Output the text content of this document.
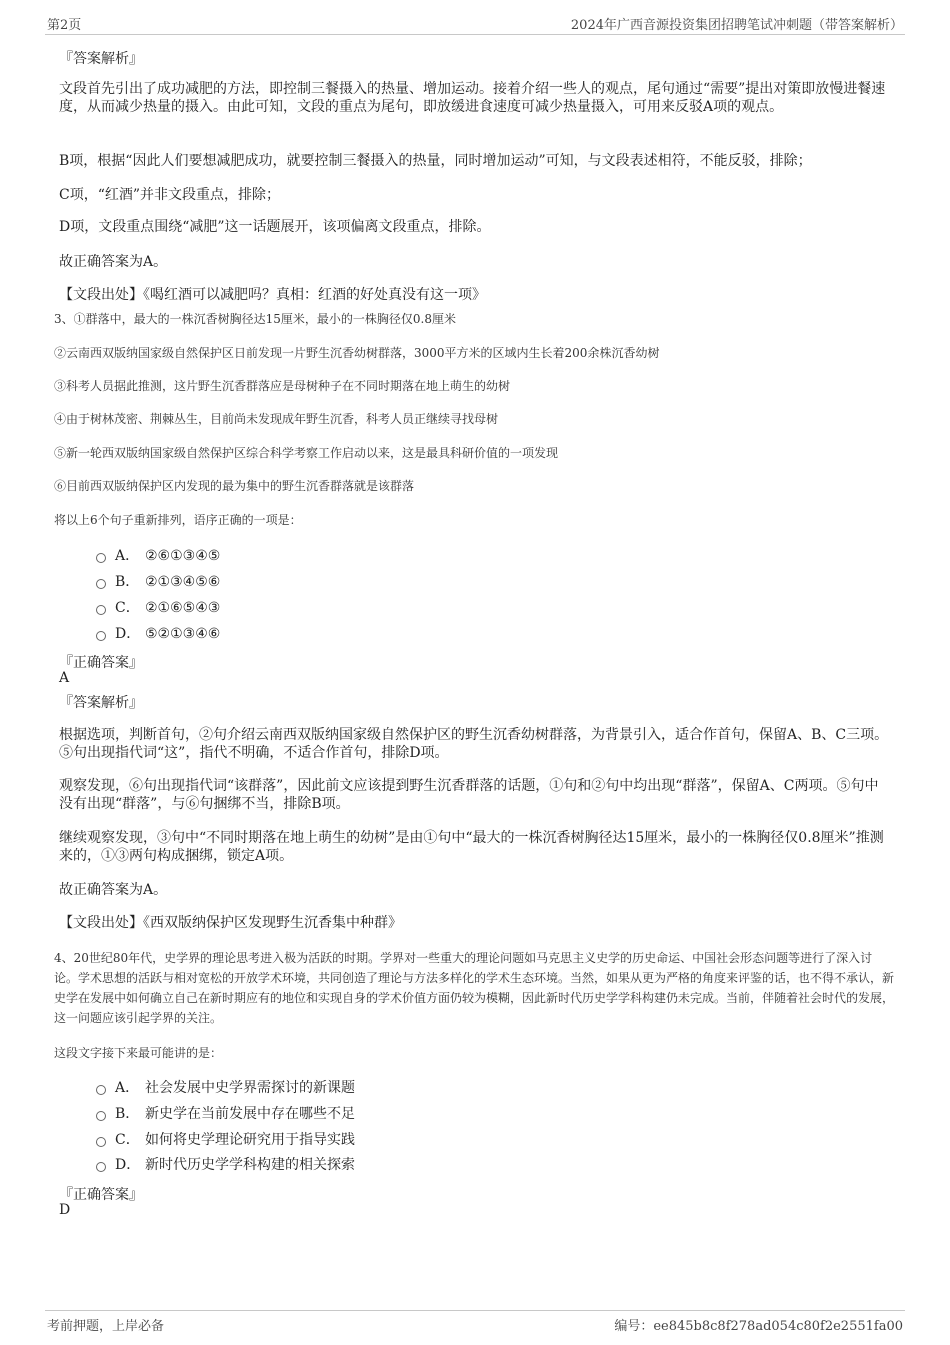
第2页	2024年广西音源投资集团招聘笔试冲刺题（带答案解析）
『答案解析』

文段首先引出了成功减肥的方法，即控制三餐摄入的热量、增加运动。接着介绍一些人的观点，尾句通过“需要”提出对策即放慢进餐速度，从而减少热量的摄入。由此可知，文段的重点为尾句，即放缓进食速度可减少热量摄入，可用来反驳A项的观点。

B项，根据“因此人们要想减肥成功，就要控制三餐摄入的热量，同时增加运动”可知，与文段表述相符，不能反驳，排除；

C项，“红酒”并非文段重点，排除；

D项，文段重点围绕“减肥”这一话题展开，该项偏离文段重点，排除。

故正确答案为A。

【文段出处】《喝红酒可以减肥吗？真相：红酒的好处真没有这一项》

3、①群落中，最大的一株沉香树胸径达15厘米，最小的一株胸径仅0.8厘米

②云南西双版纳国家级自然保护区日前发现一片野生沉香幼树群落，3000平方米的区域内生长着200余株沉香幼树

③科考人员据此推测，这片野生沉香群落应是母树种子在不同时期落在地上萌生的幼树

④由于树林茂密、荆棘丛生，目前尚未发现成年野生沉香，科考人员正继续寻找母树

⑤新一轮西双版纳国家级自然保护区综合科学考察工作启动以来，这是最具科研价值的一项发现

⑥目前西双版纳保护区内发现的最为集中的野生沉香群落就是该群落

将以上6个句子重新排列，语序正确的一项是：

A． ②⑥①③④⑤
B． ②①③④⑤⑥
C． ②①⑥⑤④③
D． ⑤②①③④⑥
『正确答案』
A
『答案解析』

根据选项，判断首句，②句介绍云南西双版纳国家级自然保护区的野生沉香幼树群落，为背景引入，适合作首句，保留A、B、C三项。⑤句出现指代词“这”，指代不明确，不适合作首句，排除D项。

观察发现，⑥句出现指代词“该群落”，因此前文应该提到野生沉香群落的话题，①句和②句中均出现“群落”，保留A、C两项。⑤句中没有出现“群落”，与⑥句捆绑不当，排除B项。

继续观察发现，③句中“不同时期落在地上萌生的幼树”是由①句中“最大的一株沉香树胸径达15厘米，最小的一株胸径仅0.8厘米”推测来的，①③两句构成捆绑，锁定A项。

故正确答案为A。

【文段出处】《西双版纳保护区发现野生沉香集中种群》

4、20世纪80年代，史学界的理论思考进入极为活跃的时期。学界对一些重大的理论问题如马克思主义史学的历史命运、中国社会形态问题等进行了深入讨论。学术思想的活跃与相对宽松的开放学术环境，共同创造了理论与方法多样化的学术生态环境。当然，如果从更为严格的角度来评鉴的话，也不得不承认，新史学在发展中如何确立自己在新时期应有的地位和实现自身的学术价值方面仍较为模糊，因此新时代历史学学科构建仍未完成。当前，伴随着社会时代的发展，这一问题应该引起学界的关注。

这段文字接下来最可能讲的是：

A． 社会发展中史学界需探讨的新课题
B． 新史学在当前发展中存在哪些不足
C． 如何将史学理论研究用于指导实践
D． 新时代历史学学科构建的相关探索
『正确答案』
D
考前押题，上岸必备	编号：ee845b8c8f278ad054c80f2e2551fa00
